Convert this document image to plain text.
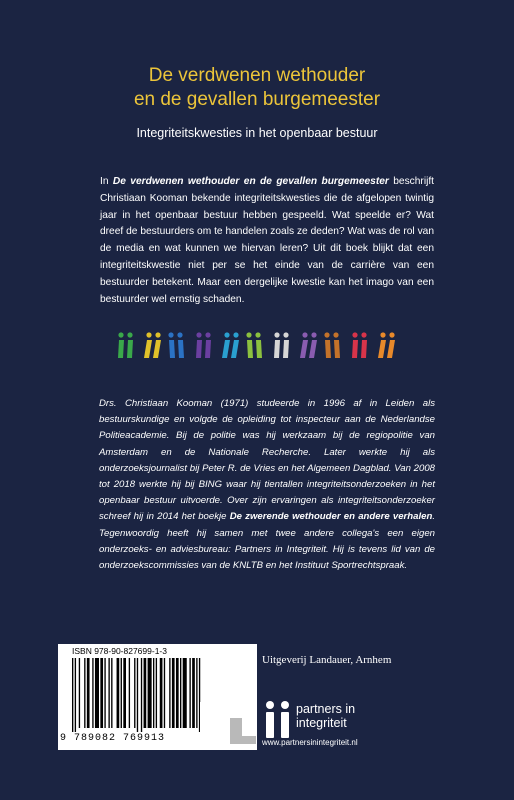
De verdwenen wethouder
en de gevallen burgemeester

Integriteitskwesties in het openbaar bestuur

In De verdwenen wethouder en de gevallen burgemeester beschrijft Christiaan Kooman bekende integriteitskwesties die de afgelopen twintig jaar in het openbaar bestuur hebben gespeeld. Wat speelde er? Wat dreef de bestuurders om te handelen zoals ze deden? Wat was de rol van de media en wat kunnen we hiervan leren? Uit dit boek blijkt dat een integriteitskwestie niet per se het einde van de carrière van een bestuurder betekent. Maar een dergelijke kwestie kan het imago van een bestuurder wel ernstig schaden.

Drs. Christiaan Kooman (1971) studeerde in 1996 af in Leiden als bestuurskundige en volgde de opleiding tot inspecteur aan de Nederlandse Politieacademie. Bij de politie was hij werkzaam bij de regiopolitie van Amsterdam en de Nationale Recherche. Later werkte hij als onderzoeksjournalist bij Peter R. de Vries en het Algemeen Dagblad. Van 2008 tot 2018 werkte hij bij BING waar hij tientallen integriteitsonderzoeken in het openbaar bestuur uitvoerde. Over zijn ervaringen als integriteitsonderzoeker schreef hij in 2014 het boekje De zwerende wethouder en andere verhalen. Tegenwoordig heeft hij samen met twee andere collega's een eigen onderzoeks- en adviesbureau: Partners in Integriteit. Hij is tevens lid van de onderzoekscommissies van de KNLTB en het Instituut Sportrechtspraak.

ISBN 978-90-827699-1-3
9 789082 769913
Uitgeverij Landauer, Arnhem
partners in
integriteit
www.partnersinintegriteit.nl
